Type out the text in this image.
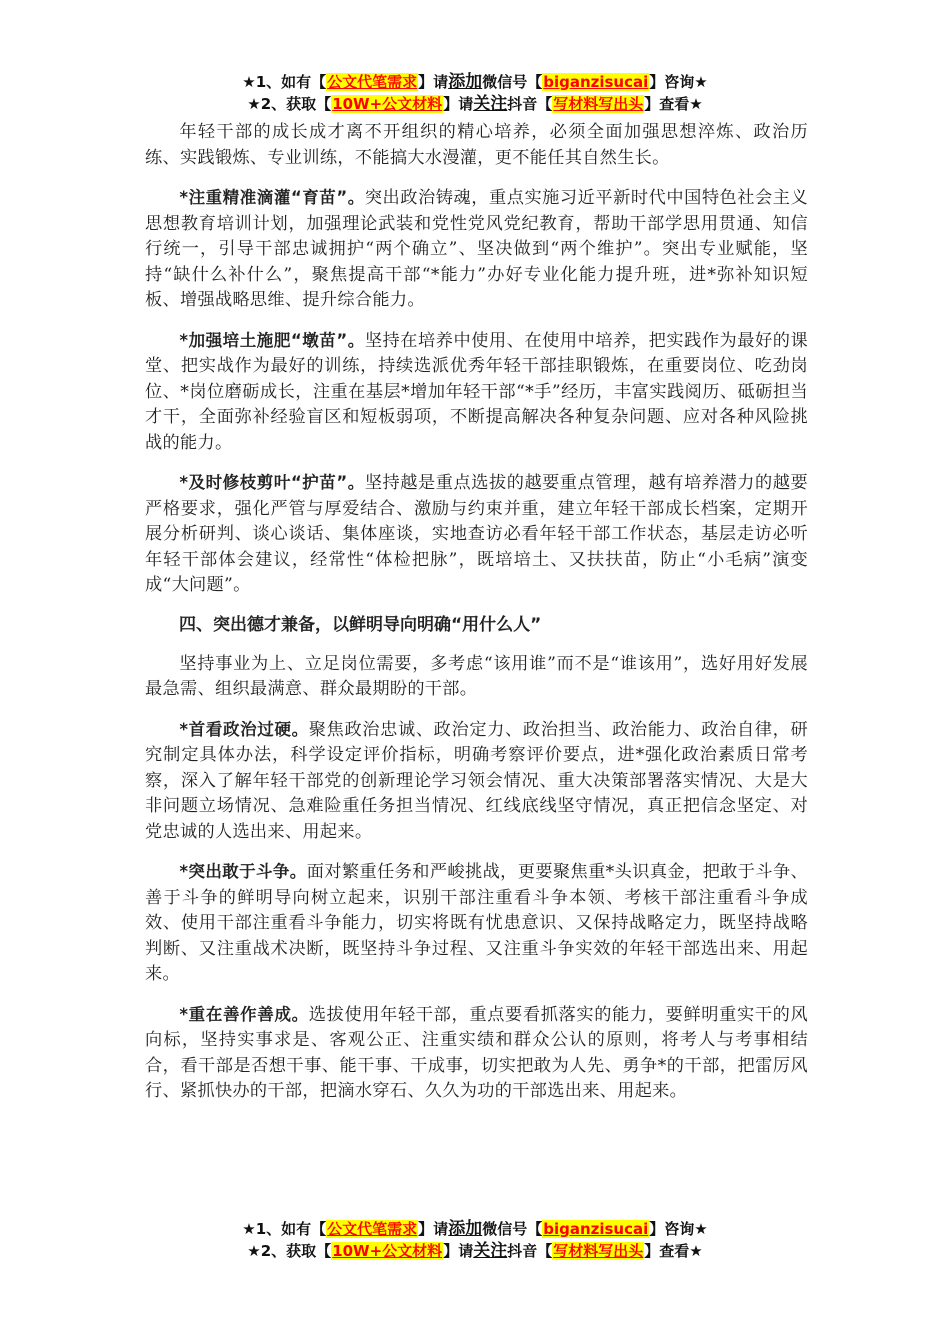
★1、如有【公文代笔需求】请添加微信号【biganzisucai】咨询★
★2、获取【10W+公文材料】请关注抖音【写材料写出头】查看★

年轻干部的成长成才离不开组织的精心培养，必须全面加强思想淬炼、政治历练、实践锻炼、专业训练，不能搞大水漫灌，更不能任其自然生长。

*注重精准滴灌“育苗”。突出政治铸魂，重点实施习近平新时代中国特色社会主义思想教育培训计划，加强理论武装和党性党风党纪教育，帮助干部学思用贯通、知信行统一，引导干部忠诚拥护“两个确立”、坚决做到“两个维护”。突出专业赋能，坚持“缺什么补什么”，聚焦提高干部“*能力”办好专业化能力提升班，进*弥补知识短板、增强战略思维、提升综合能力。

*加强培土施肥“墩苗”。坚持在培养中使用、在使用中培养，把实践作为最好的课堂、把实战作为最好的训练，持续选派优秀年轻干部挂职锻炼，在重要岗位、吃劲岗位、*岗位磨砺成长，注重在基层*增加年轻干部“*手”经历，丰富实践阅历、砥砺担当才干，全面弥补经验盲区和短板弱项，不断提高解决各种复杂问题、应对各种风险挑战的能力。

*及时修枝剪叶“护苗”。坚持越是重点选拔的越要重点管理，越有培养潜力的越要严格要求，强化严管与厚爱结合、激励与约束并重，建立年轻干部成长档案，定期开展分析研判、谈心谈话、集体座谈，实地查访必看年轻干部工作状态，基层走访必听年轻干部体会建议，经常性“体检把脉”，既培培土、又扶扶苗，防止“小毛病”演变成“大问题”。

四、突出德才兼备，以鲜明导向明确“用什么人”

坚持事业为上、立足岗位需要，多考虑“该用谁”而不是“谁该用”，选好用好发展最急需、组织最满意、群众最期盼的干部。

*首看政治过硬。聚焦政治忠诚、政治定力、政治担当、政治能力、政治自律，研究制定具体办法，科学设定评价指标，明确考察评价要点，进*强化政治素质日常考察，深入了解年轻干部党的创新理论学习领会情况、重大决策部署落实情况、大是大非问题立场情况、急难险重任务担当情况、红线底线坚守情况，真正把信念坚定、对党忠诚的人选出来、用起来。

*突出敢于斗争。面对繁重任务和严峻挑战，更要聚焦重*头识真金，把敢于斗争、善于斗争的鲜明导向树立起来，识别干部注重看斗争本领、考核干部注重看斗争成效、使用干部注重看斗争能力，切实将既有忧患意识、又保持战略定力，既坚持战略判断、又注重战术决断，既坚持斗争过程、又注重斗争实效的年轻干部选出来、用起来。

*重在善作善成。选拔使用年轻干部，重点要看抓落实的能力，要鲜明重实干的风向标，坚持实事求是、客观公正、注重实绩和群众公认的原则，将考人与考事相结合，看干部是否想干事、能干事、干成事，切实把敢为人先、勇争*的干部，把雷厉风行、紧抓快办的干部，把滴水穿石、久久为功的干部选出来、用起来。

★1、如有【公文代笔需求】请添加微信号【biganzisucai】咨询★
★2、获取【10W+公文材料】请关注抖音【写材料写出头】查看★
